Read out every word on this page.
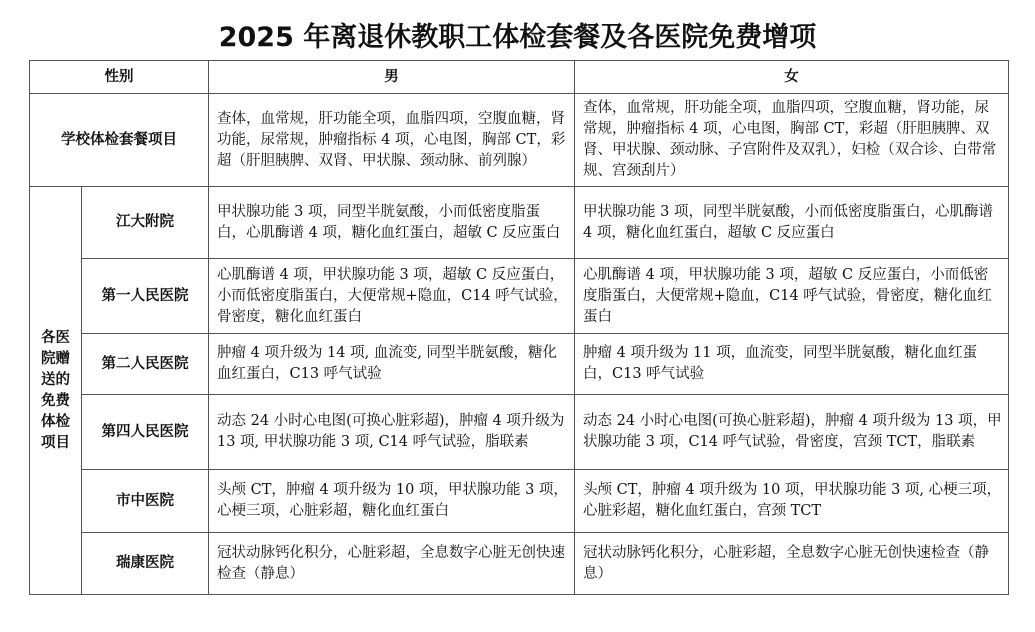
2025 年离退休教职工体检套餐及各医院免费增项
性别		男	女
学校体检套餐项目		查体，血常规，肝功能全项，血脂四项，空腹血糖，肾功能，尿常规，肿瘤指标 4 项，心电图，胸部 CT，彩超（肝胆胰脾、双肾、甲状腺、颈动脉、前列腺）	查体，血常规，肝功能全项，血脂四项，空腹血糖，肾功能，尿常规，肿瘤指标 4 项，心电图，胸部 CT，彩超（肝胆胰脾、双肾、甲状腺、颈动脉、子宫附件及双乳），妇检（双合诊、白带常规、宫颈刮片）
各医院赠送的免费体检项目	江大附院	甲状腺功能 3 项，同型半胱氨酸，小而低密度脂蛋白，心肌酶谱 4 项，糖化血红蛋白，超敏 C 反应蛋白	甲状腺功能 3 项，同型半胱氨酸，小而低密度脂蛋白，心肌酶谱 4 项，糖化血红蛋白，超敏 C 反应蛋白
	第一人民医院	心肌酶谱 4 项，甲状腺功能 3 项，超敏 C 反应蛋白，小而低密度脂蛋白，大便常规+隐血，C14 呼气试验，骨密度，糖化血红蛋白	心肌酶谱 4 项，甲状腺功能 3 项，超敏 C 反应蛋白，小而低密度脂蛋白，大便常规+隐血，C14 呼气试验，骨密度，糖化血红蛋白
	第二人民医院	肿瘤 4 项升级为 14 项, 血流变, 同型半胱氨酸，糖化血红蛋白，C13 呼气试验	肿瘤 4 项升级为 11 项，血流变，同型半胱氨酸，糖化血红蛋白，C13 呼气试验
	第四人民医院	动态 24 小时心电图(可换心脏彩超)，肿瘤 4 项升级为 13 项, 甲状腺功能 3 项, C14 呼气试验，脂联素	动态 24 小时心电图(可换心脏彩超)，肿瘤 4 项升级为 13 项，甲状腺功能 3 项，C14 呼气试验，骨密度，宫颈 TCT，脂联素
	市中医院	头颅 CT，肿瘤 4 项升级为 10 项，甲状腺功能 3 项，心梗三项，心脏彩超，糖化血红蛋白	头颅 CT，肿瘤 4 项升级为 10 项，甲状腺功能 3 项, 心梗三项，心脏彩超，糖化血红蛋白，宫颈 TCT
	瑞康医院	冠状动脉钙化积分，心脏彩超，全息数字心脏无创快速检查（静息）	冠状动脉钙化积分，心脏彩超，全息数字心脏无创快速检查（静息）
